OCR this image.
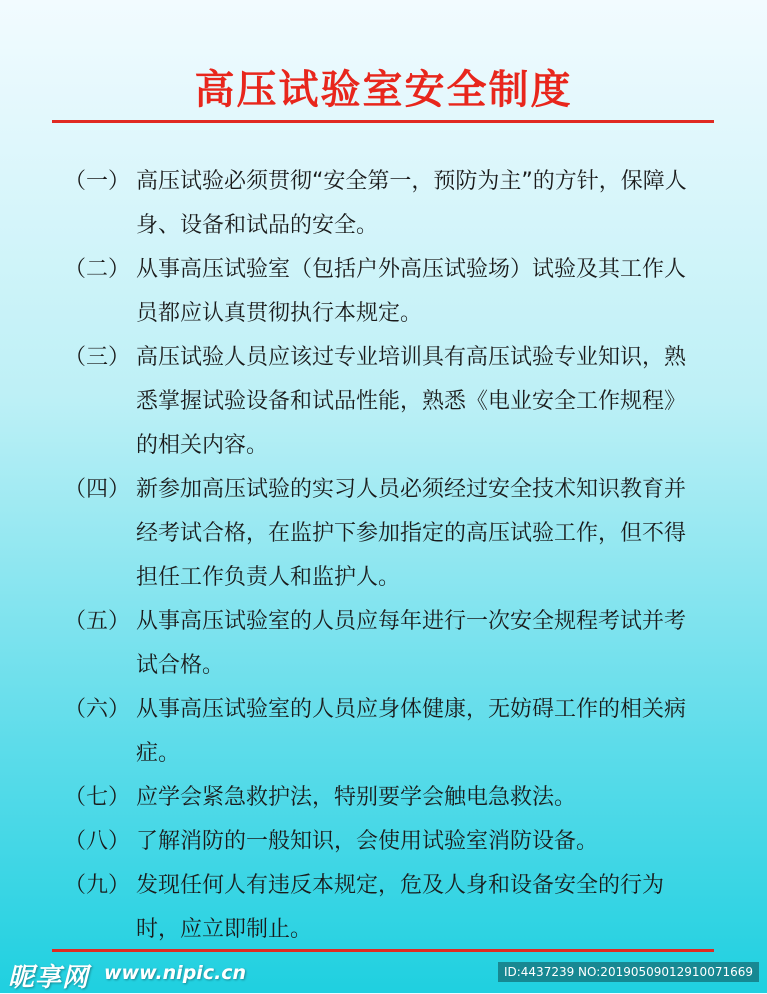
高压试验室安全制度
（一） 高压试验必须贯彻“安全第一，预防为主”的方针，保障人身、设备和试品的安全。
（二） 从事高压试验室（包括户外高压试验场）试验及其工作人员都应认真贯彻执行本规定。
（三） 高压试验人员应该过专业培训具有高压试验专业知识，熟悉掌握试验设备和试品性能，熟悉《电业安全工作规程》的相关内容。
（四） 新参加高压试验的实习人员必须经过安全技术知识教育并经考试合格，在监护下参加指定的高压试验工作，但不得担任工作负责人和监护人。
（五） 从事高压试验室的人员应每年进行一次安全规程考试并考试合格。
（六） 从事高压试验室的人员应身体健康，无妨碍工作的相关病症。
（七） 应学会紧急救护法，特别要学会触电急救法。
（八） 了解消防的一般知识，会使用试验室消防设备。
（九） 发现任何人有违反本规定，危及人身和设备安全的行为时，应立即制止。
昵享网 www.nipic.cn	ID:4437239 NO:20190509012910071669
